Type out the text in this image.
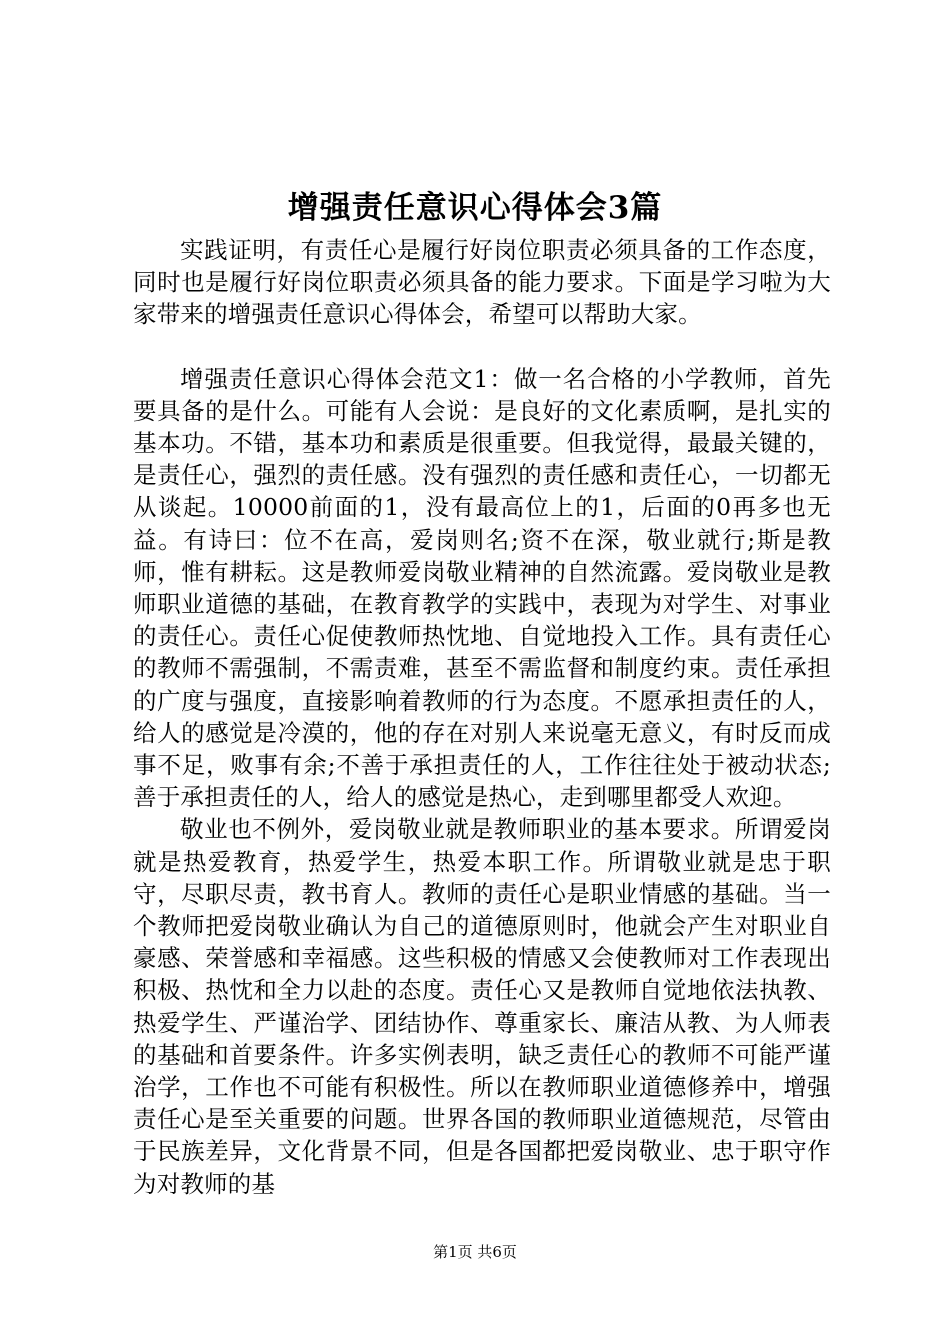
增强责任意识心得体会3篇

实践证明，有责任心是履行好岗位职责必须具备的工作态度，同时也是履行好岗位职责必须具备的能力要求。下面是学习啦为大家带来的增强责任意识心得体会，希望可以帮助大家。

增强责任意识心得体会范文1：做一名合格的小学教师，首先要具备的是什么。可能有人会说：是良好的文化素质啊，是扎实的基本功。不错，基本功和素质是很重要。但我觉得，最最关键的，是责任心，强烈的责任感。没有强烈的责任感和责任心，一切都无从谈起。10000前面的1，没有最高位上的1，后面的0再多也无益。有诗曰：位不在高，爱岗则名;资不在深，敬业就行;斯是教师，惟有耕耘。这是教师爱岗敬业精神的自然流露。爱岗敬业是教师职业道德的基础，在教育教学的实践中，表现为对学生、对事业的责任心。责任心促使教师热忱地、自觉地投入工作。具有责任心的教师不需强制，不需责难，甚至不需监督和制度约束。责任承担的广度与强度，直接影响着教师的行为态度。不愿承担责任的人，给人的感觉是冷漠的，他的存在对别人来说毫无意义，有时反而成事不足，败事有余;不善于承担责任的人，工作往往处于被动状态;善于承担责任的人，给人的感觉是热心，走到哪里都受人欢迎。

敬业也不例外，爱岗敬业就是教师职业的基本要求。所谓爱岗就是热爱教育，热爱学生，热爱本职工作。所谓敬业就是忠于职守，尽职尽责，教书育人。教师的责任心是职业情感的基础。当一个教师把爱岗敬业确认为自己的道德原则时，他就会产生对职业自豪感、荣誉感和幸福感。这些积极的情感又会使教师对工作表现出积极、热忱和全力以赴的态度。责任心又是教师自觉地依法执教、热爱学生、严谨治学、团结协作、尊重家长、廉洁从教、为人师表的基础和首要条件。许多实例表明，缺乏责任心的教师不可能严谨治学，工作也不可能有积极性。所以在教师职业道德修养中，增强责任心是至关重要的问题。世界各国的教师职业道德规范，尽管由于民族差异，文化背景不同，但是各国都把爱岗敬业、忠于职守作为对教师的基

第1页 共6页
